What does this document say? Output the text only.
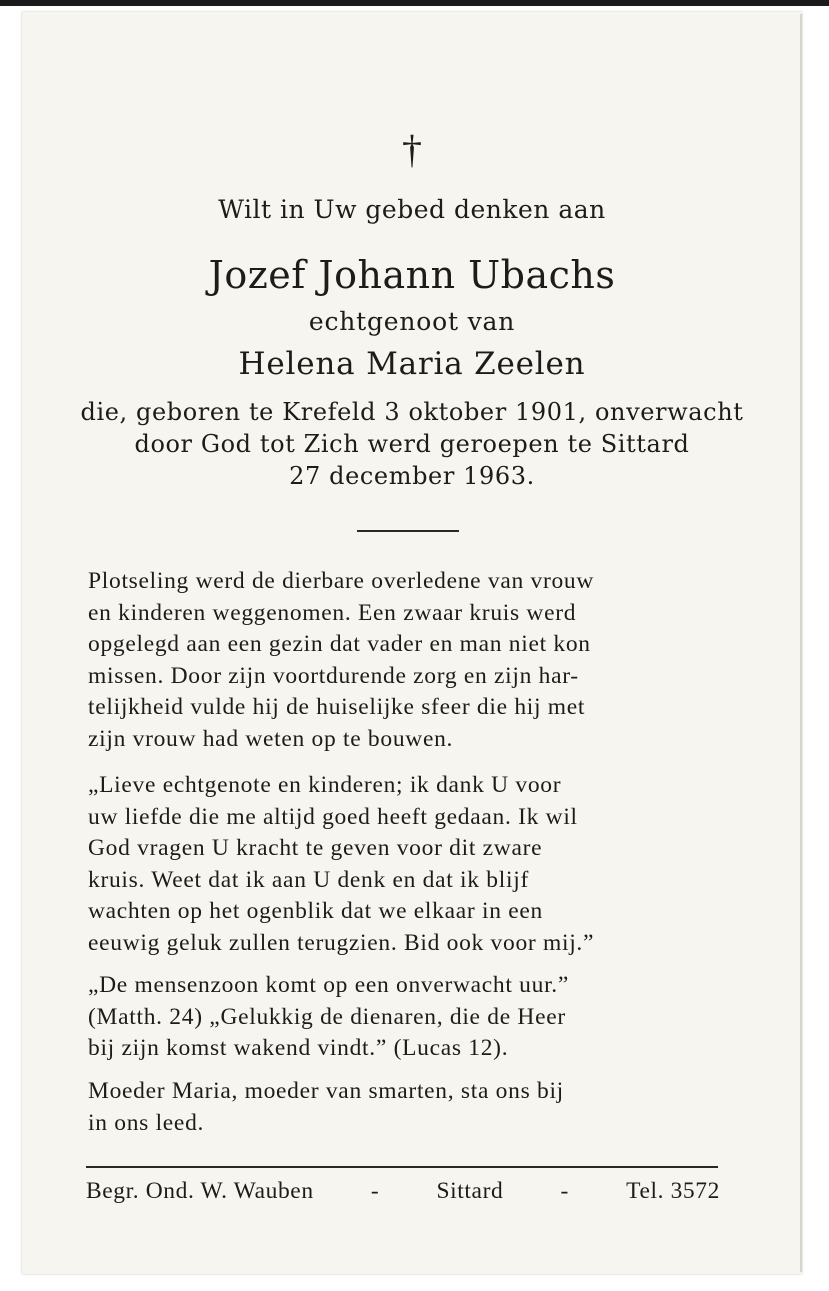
†
Wilt in Uw gebed denken aan
Jozef Johann Ubachs
echtgenoot van
Helena Maria Zeelen
die, geboren te Krefeld 3 oktober 1901, onverwacht
door God tot Zich werd geroepen te Sittard
27 december 1963.
Plotseling werd de dierbare overledene van vrouw
en kinderen weggenomen. Een zwaar kruis werd
opgelegd aan een gezin dat vader en man niet kon
missen. Door zijn voortdurende zorg en zijn har-
telijkheid vulde hij de huiselijke sfeer die hij met
zijn vrouw had weten op te bouwen.
„Lieve echtgenote en kinderen; ik dank U voor
uw liefde die me altijd goed heeft gedaan. Ik wil
God vragen U kracht te geven voor dit zware
kruis. Weet dat ik aan U denk en dat ik blijf
wachten op het ogenblik dat we elkaar in een
eeuwig geluk zullen terugzien. Bid ook voor mij.”
„De mensenzoon komt op een onverwacht uur.”
(Matth. 24) „Gelukkig de dienaren, die de Heer
bij zijn komst wakend vindt.” (Lucas 12).
Moeder Maria, moeder van smarten, sta ons bij
in ons leed.
Begr. Ond. W. Wauben - Sittard - Tel. 3572
